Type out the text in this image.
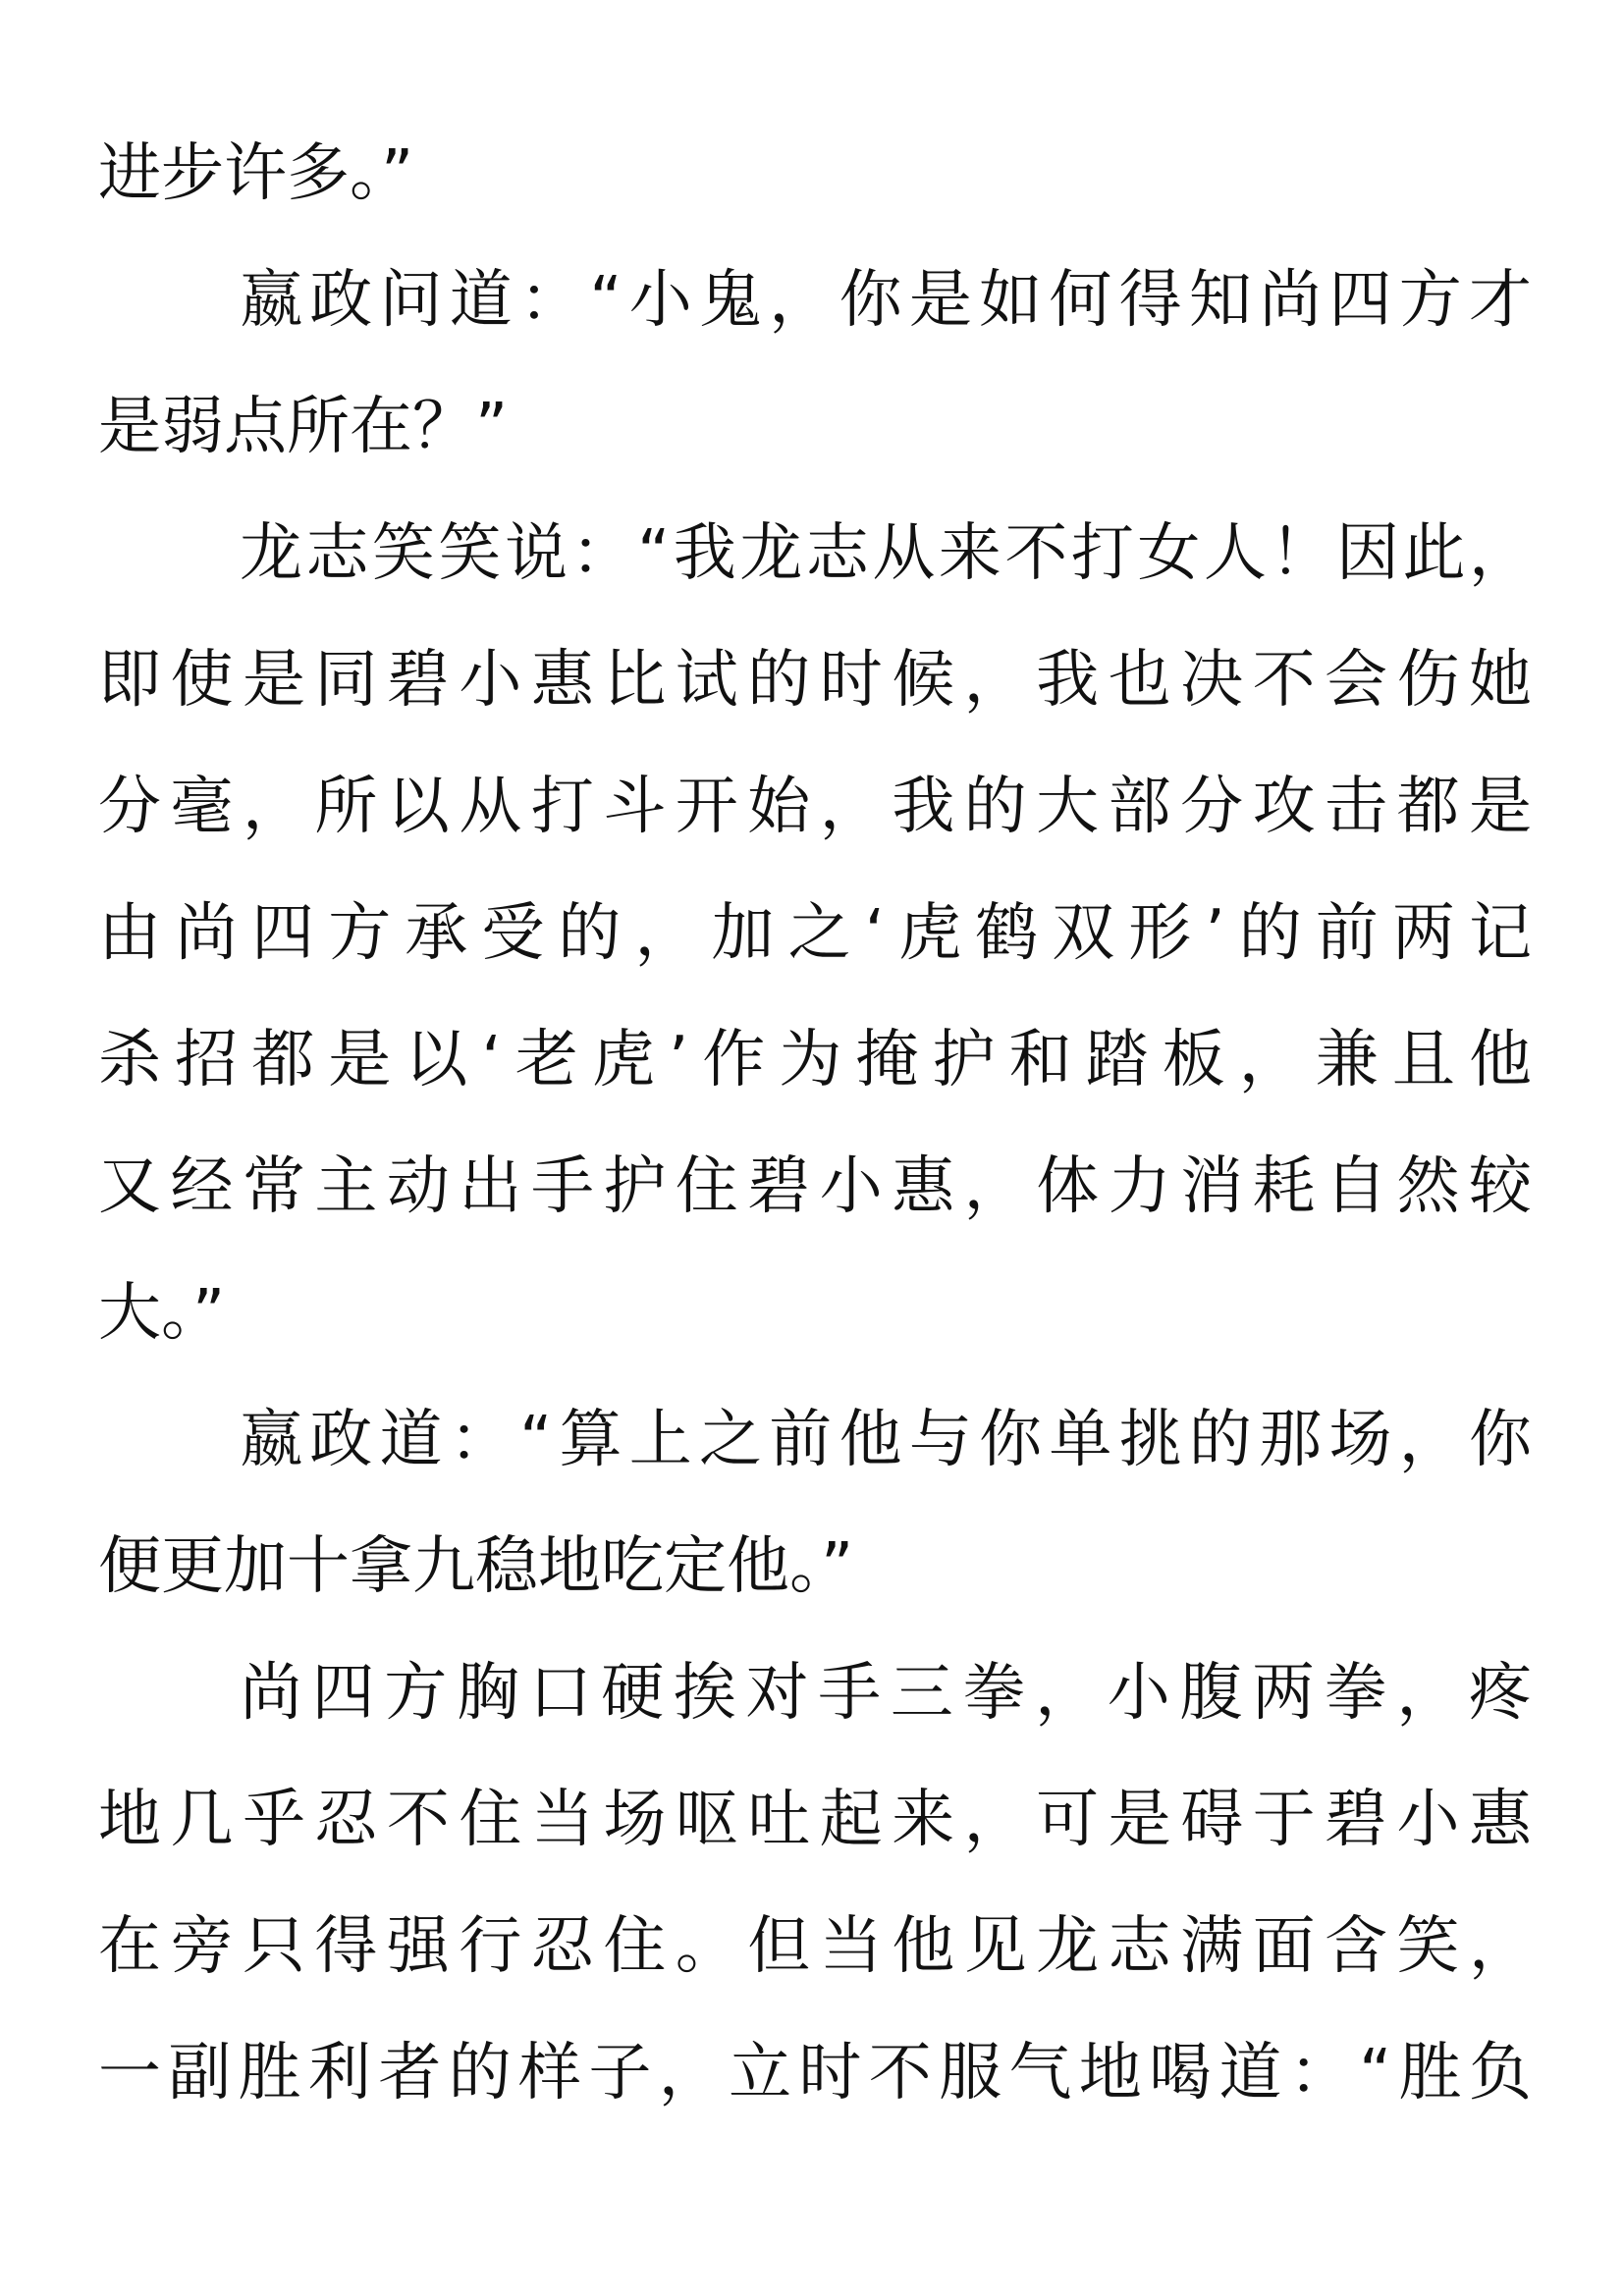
进步许多。”
嬴政问道：“小鬼，你是如何得知尚四方才
是弱点所在？”
龙志笑笑说：“我龙志从来不打女人！因此，
即使是同碧小惠比试的时候，我也决不会伤她
分毫，所以从打斗开始，我的大部分攻击都是
由尚四方承受的，加之‘虎鹤双形’的前两记
杀招都是以‘老虎’作为掩护和踏板，兼且他
又经常主动出手护住碧小惠，体力消耗自然较
大。”
嬴政道：“算上之前他与你单挑的那场，你
便更加十拿九稳地吃定他。”
尚四方胸口硬挨对手三拳，小腹两拳，疼
地几乎忍不住当场呕吐起来，可是碍于碧小惠
在旁只得强行忍住。但当他见龙志满面含笑，
一副胜利者的样子，立时不服气地喝道：“胜负
